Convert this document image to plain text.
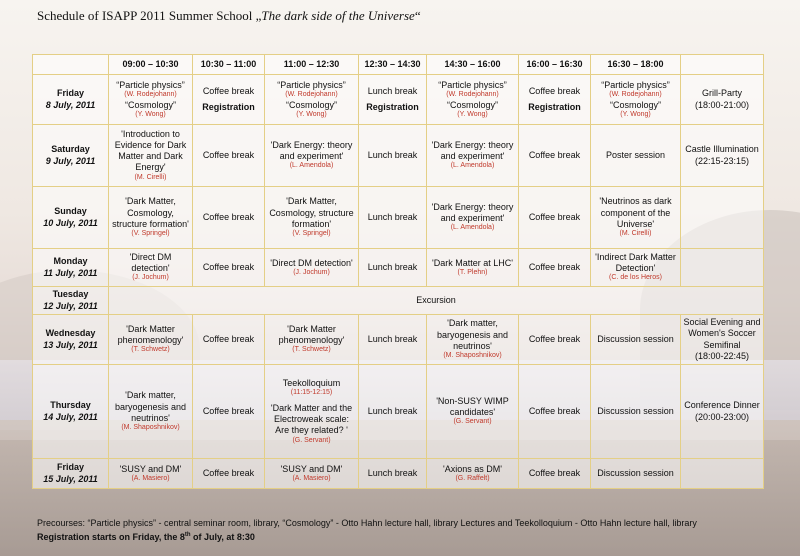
Schedule of ISAPP 2011 Summer School „The dark side of the Universe“
	09:00 – 10:30	10:30 – 11:00	11:00 – 12:30	12:30 – 14:30	14:30 – 16:00	16:00 – 16:30	16:30 – 18:00	

Friday
8 July, 2011	“Particle physics”
(W. Rodejohann)
“Cosmology”
(Y. Wong)	Coffee break
Registration	“Particle physics”
(W. Rodejohann)
“Cosmology”
(Y. Wong)	Lunch break
Registration	“Particle physics”
(W. Rodejohann)
“Cosmology”
(Y. Wong)	Coffee break
Registration	“Particle physics”
(W. Rodejohann)
“Cosmology”
(Y. Wong)	Grill-Party
(18:00-21:00)

Saturday
9 July, 2011	'Introduction to Evidence for Dark Matter and Dark Energy'
(M. Cirelli)	Coffee break	'Dark Energy: theory and experiment'
(L. Amendola)	Lunch break	'Dark Energy: theory and experiment'
(L. Amendola)	Coffee break	Poster session	Castle Illumination
(22:15-23:15)

Sunday
10 July, 2011	'Dark Matter, Cosmology, structure formation'
(V. Springel)	Coffee break	'Dark Matter, Cosmology, structure formation'
(V. Springel)	Lunch break	'Dark Energy: theory and experiment'
(L. Amendola)	Coffee break	'Neutrinos as dark component of the Universe'
(M. Cirelli)	

Monday
11 July, 2011	'Direct DM detection'
(J. Jochum)	Coffee break	'Direct DM detection'
(J. Jochum)	Lunch break	'Dark Matter at LHC'
(T. Plehn)	Coffee break	'Indirect Dark Matter Detection'
(C. de los Heros)	

Tuesday
12 July, 2011	Excursion							

Wednesday
13 July, 2011	'Dark Matter phenomenology'
(T. Schwetz)	Coffee break	'Dark Matter phenomenology'
(T. Schwetz)	Lunch break	'Dark matter, baryogenesis and neutrinos'
(M. Shaposhnikov)	Coffee break	Discussion session	Social Evening and Women's Soccer Semifinal
(18:00-22:45)

Thursday
14 July, 2011	'Dark matter, baryogenesis and neutrinos'
(M. Shaposhnikov)	Coffee break	Teekolloquium
(11:15-12:15)
'Dark Matter and the Electroweak scale: Are they related? '
(G. Servant)	Lunch break	'Non-SUSY WIMP candidates'
(G. Servant)	Coffee break	Discussion session	Conference Dinner
(20:00-23:00)

Friday
15 July, 2011	'SUSY and DM'
(A. Masiero)	Coffee break	'SUSY and DM'
(A. Masiero)	Lunch break	'Axions as DM'
(G. Raffelt)	Coffee break	Discussion session	
Precourses: “Particle physics” - central seminar room, library, “Cosmology” - Otto Hahn lecture hall, library Lectures and Teekolloquium - Otto Hahn lecture hall, library
Registration starts on Friday, the 8th of July, at 8:30
